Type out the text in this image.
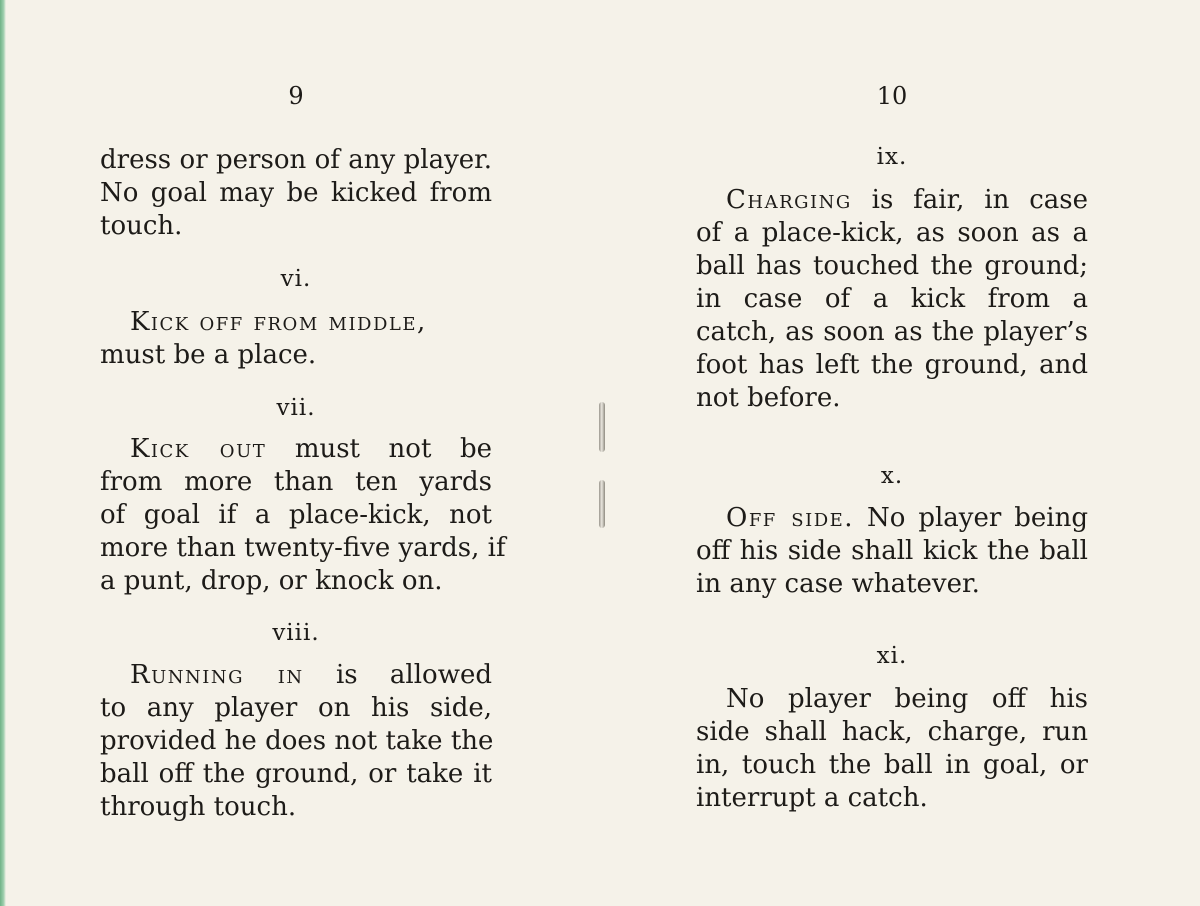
9
dress or person of any player.
No goal may be kicked from
touch.
vi.
Kick off from middle,
must be a place.
vii.
Kick out must not be
from more than ten yards
of goal if a place-kick, not
more than twenty-five yards, if
a punt, drop, or knock on.
viii.
Running in is allowed
to any player on his side,
provided he does not take the
ball off the ground, or take it
through touch.
10
ix.
Charging is fair, in case
of a place-kick, as soon as a
ball has touched the ground;
in case of a kick from a
catch, as soon as the player’s
foot has left the ground, and
not before.
x.
Off side. No player being
off his side shall kick the ball
in any case whatever.
xi.
No player being off his
side shall hack, charge, run
in, touch the ball in goal, or
interrupt a catch.
